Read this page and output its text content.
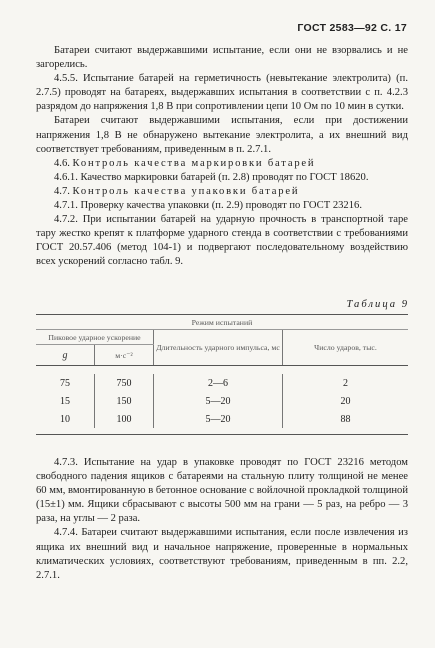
ГОСТ 2583—92 С. 17

Батареи считают выдержавшими испытание, если они не взорвались и не загорелись.

4.5.5. Испытание батарей на герметичность (невытекание электролита) (п. 2.7.5) проводят на батареях, выдержавших испытания в соответствии с п. 4.2.3 разрядом до напряжения 1,8 В при сопротивлении цепи 10 Ом по 10 мин в сутки.

Батареи считают выдержавшими испытания, если при достижении напряжения 1,8 В не обнаружено вытекание электролита, а их внешний вид соответствует требованиям, приведенным в п. 2.7.1.

4.6. Контроль качества маркировки батарей

4.6.1. Качество маркировки батарей (п. 2.8) проводят по ГОСТ 18620.

4.7. Контроль качества упаковки батарей

4.7.1. Проверку качества упаковки (п. 2.9) проводят по ГОСТ 23216.

4.7.2. При испытании батарей на ударную прочность в транспортной таре тару жестко крепят к платформе ударного стенда в соответствии с требованиями ГОСТ 20.57.406 (метод 104-1) и подвергают последовательному воздействию всех ускорений согласно табл. 9.

Таблица 9
Режим испытаний			
Пиковое ударное ускорение		Длительность ударного импульса, мс	Число ударов, тыс.
g	м·с⁻²		

75	750	2—6	2
15	150	5—20	20
10	100	5—20	88

4.7.3. Испытание на удар в упаковке проводят по ГОСТ 23216 методом свободного падения ящиков с батареями на стальную плиту толщиной не менее 60 мм, вмонтированную в бетонное основание с войлочной прокладкой толщиной (15±1) мм. Ящики сбрасывают с высоты 500 мм на грани — 5 раз, на ребро — 3 раза, на углы — 2 раза.

4.7.4. Батареи считают выдержавшими испытания, если после извлечения из ящика их внешний вид и начальное напряжение, проверенные в нормальных климатических условиях, соответствуют требованиям, приведенным в пп. 2.2, 2.7.1.
